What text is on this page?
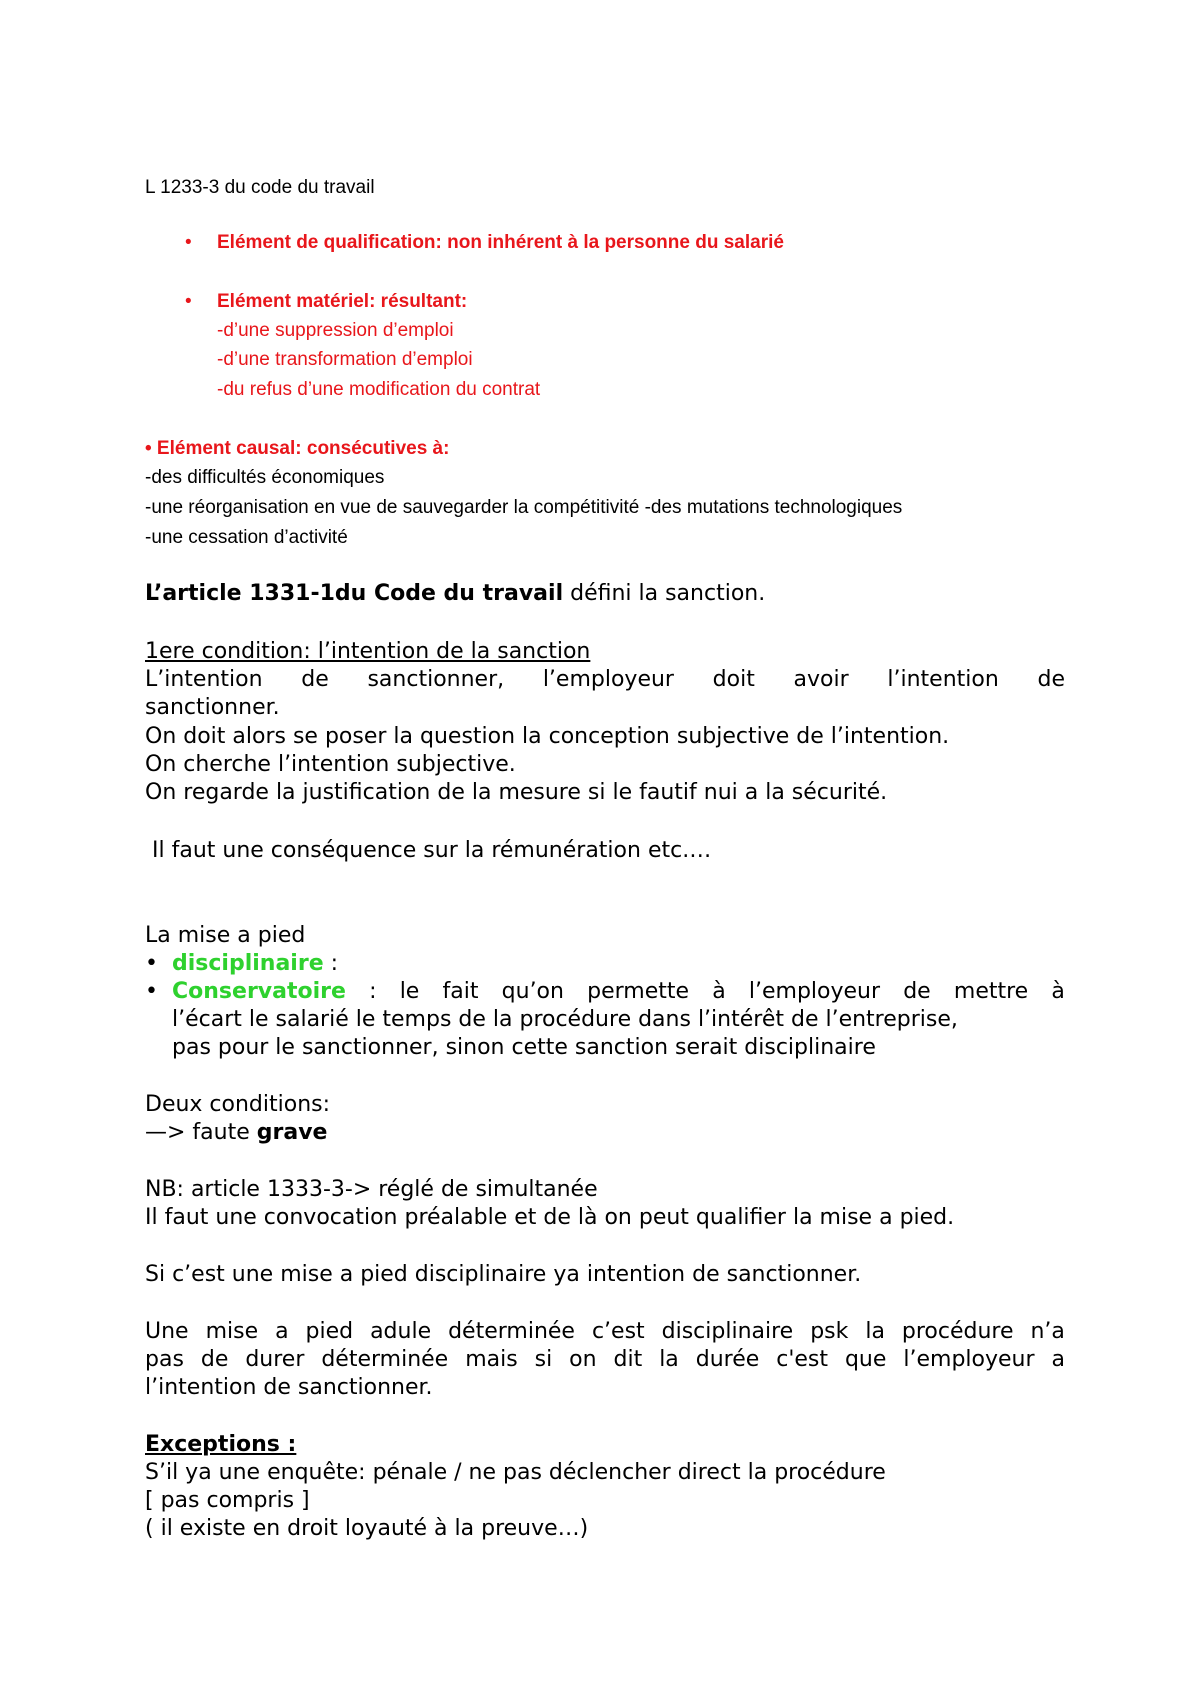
L 1233-3 du code du travail
• Elément de qualification: non inhérent à la personne du salarié
• Elément matériel: résultant:
-d’une suppression d’emploi
-d’une transformation d’emploi
-du refus d’une modification du contrat
• Elément causal: consécutives à:
-des difficultés économiques
-une réorganisation en vue de sauvegarder la compétitivité -des mutations technologiques
-une cessation d’activité
L’article 1331-1du Code du travail défini la sanction.
1ere condition: l’intention de la sanction
L’intention de sanctionner, l’employeur doit avoir l’intention de
sanctionner.
On doit alors se poser la question la conception subjective de l’intention.
On cherche l’intention subjective.
On regarde la justification de la mesure si le fautif nui a la sécurité.
Il faut une conséquence sur la rémunération etc.…
La mise a pied
• disciplinaire :
• Conservatoire : le fait qu’on permette à l’employeur de mettre à
l’écart le salarié le temps de la procédure dans l’intérêt de l’entreprise,
pas pour le sanctionner, sinon cette sanction serait disciplinaire
Deux conditions:
—> faute grave
NB: article 1333-3-> réglé de simultanée
Il faut une convocation préalable et de là on peut qualifier la mise a pied.
Si c’est une mise a pied disciplinaire ya intention de sanctionner.
Une mise a pied adule déterminée c’est disciplinaire psk la procédure n’a
pas de durer déterminée mais si on dit la durée c'est que l’employeur a
l’intention de sanctionner.
Exceptions :
S’il ya une enquête: pénale / ne pas déclencher direct la procédure
[ pas compris ]
( il existe en droit loyauté à la preuve…)
